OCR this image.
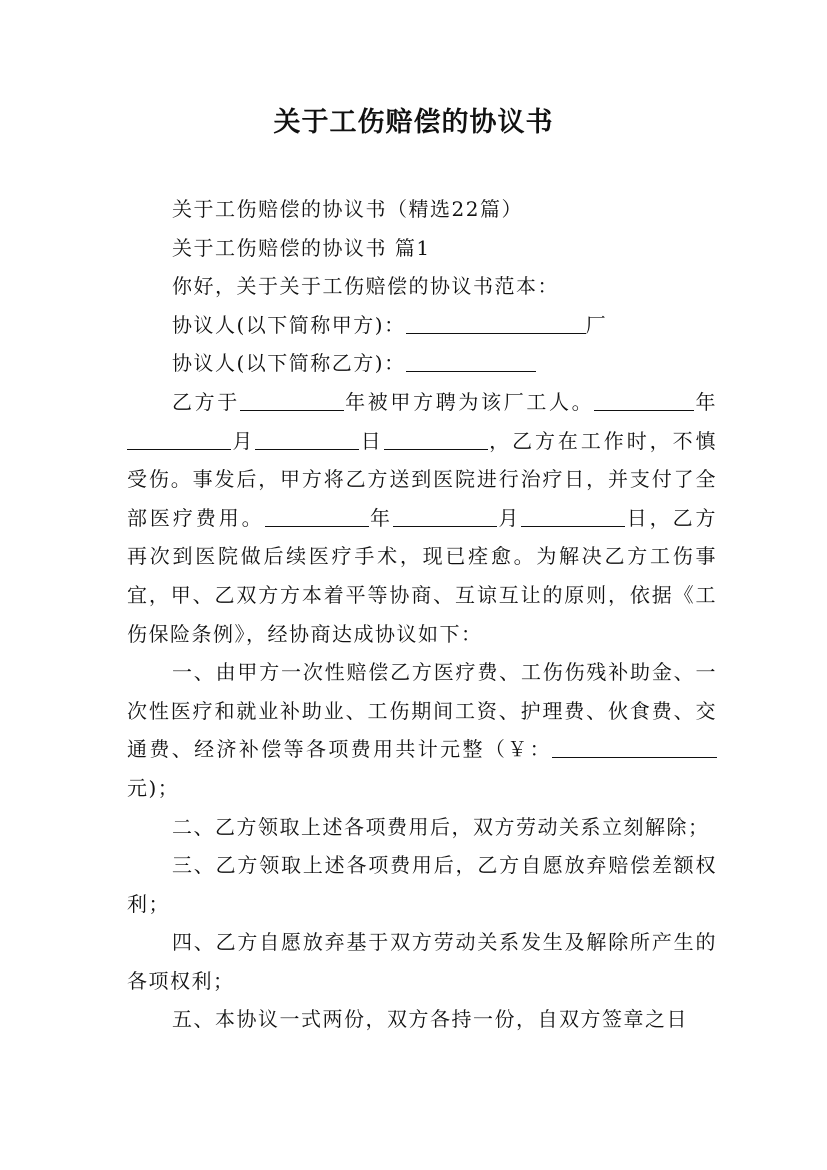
关于工伤赔偿的协议书

关于工伤赔偿的协议书（精选22篇）

关于工伤赔偿的协议书 篇1

你好，关于关于工伤赔偿的协议书范本：

协议人(以下简称甲方)：	厂

协议人(以下简称乙方)：

乙方于	年被甲方聘为该厂工人。	年月	日	，乙方在工作时，不慎受伤。事发后，甲方将乙方送到医院进行治疗日，并支付了全部医疗费用。	年	月	日，乙方再次到医院做后续医疗手术，现已痊愈。为解决乙方工伤事宜，甲、乙双方方本着平等协商、互谅互让的原则，依据《工伤保险条例》，经协商达成协议如下：

一、由甲方一次性赔偿乙方医疗费、工伤伤残补助金、一次性医疗和就业补助业、工伤期间工资、护理费、伙食费、交通费、经济补偿等各项费用共计元整（￥：元)；

二、乙方领取上述各项费用后，双方劳动关系立刻解除；

三、乙方领取上述各项费用后，乙方自愿放弃赔偿差额权利；

四、乙方自愿放弃基于双方劳动关系发生及解除所产生的各项权利；

五、本协议一式两份，双方各持一份，自双方签章之日
